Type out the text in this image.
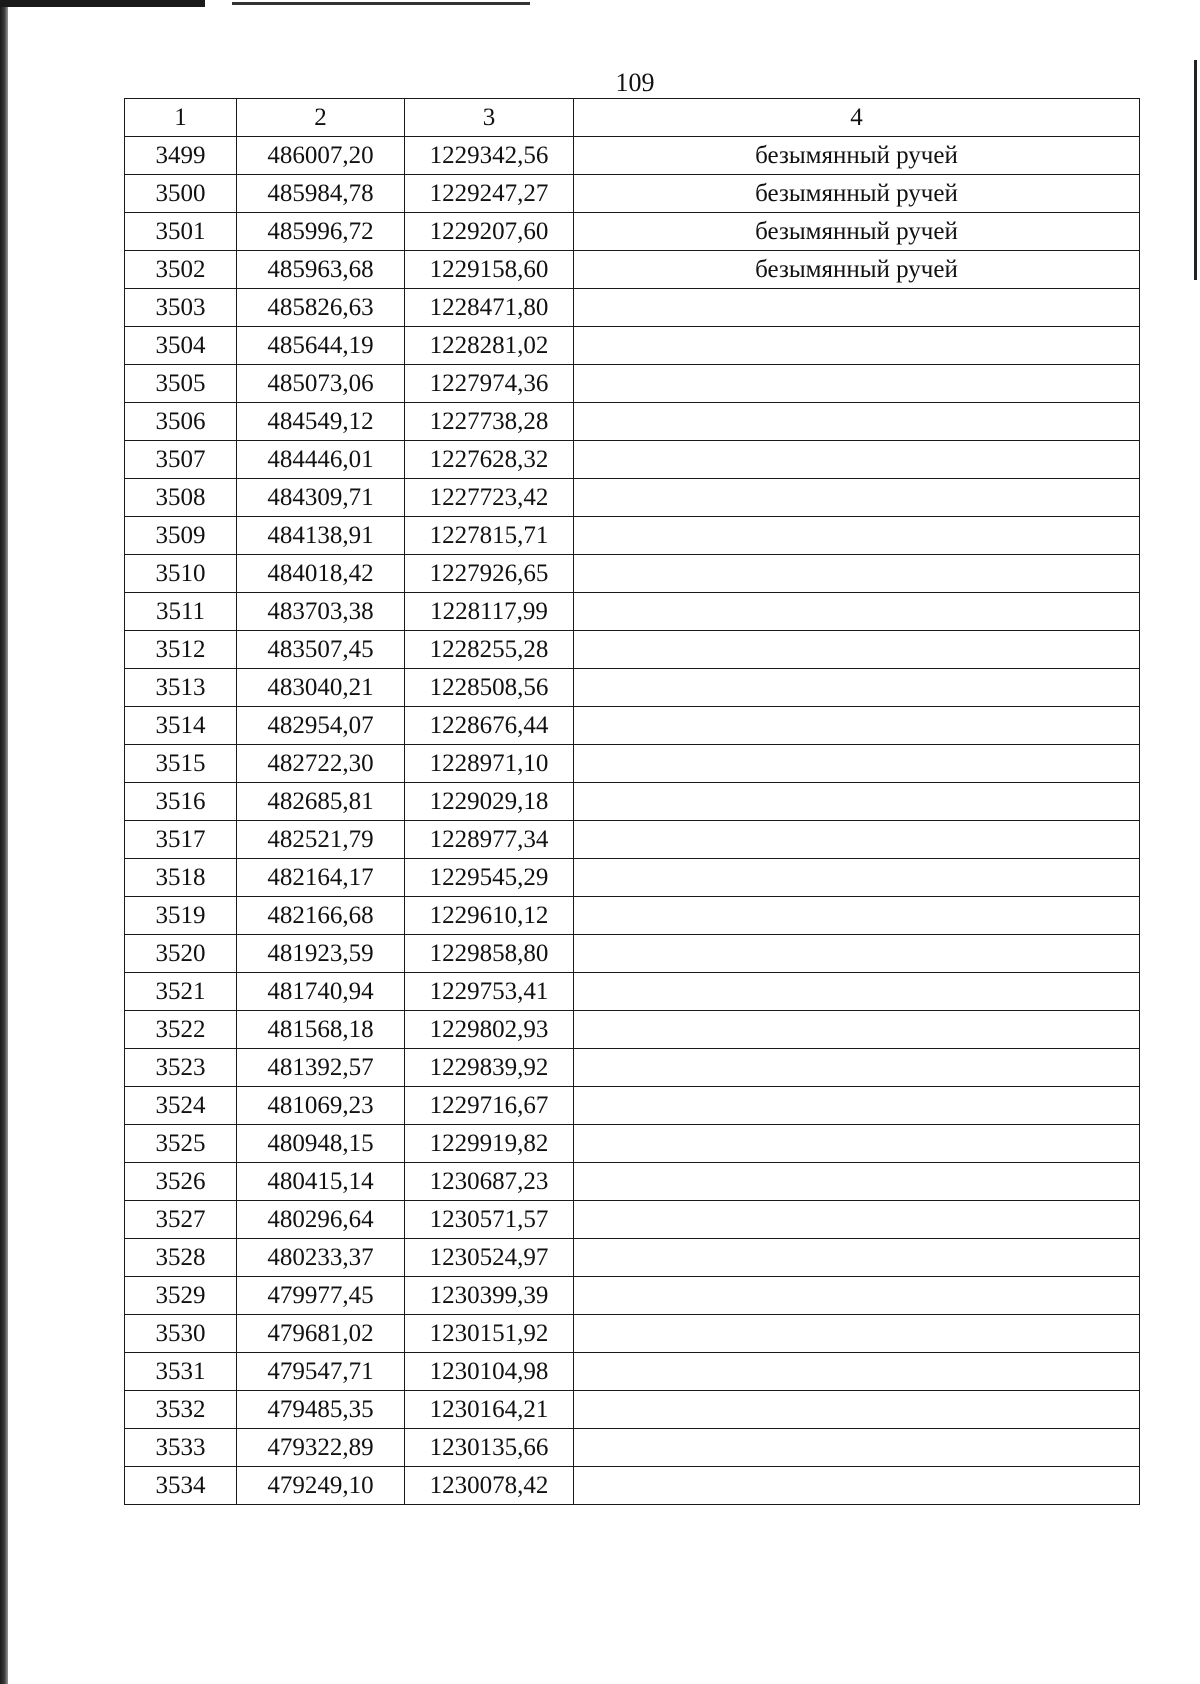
109
1	2	3	4
3499	486007,20	1229342,56	безымянный ручей
3500	485984,78	1229247,27	безымянный ручей
3501	485996,72	1229207,60	безымянный ручей
3502	485963,68	1229158,60	безымянный ручей
3503	485826,63	1228471,80	
3504	485644,19	1228281,02	
3505	485073,06	1227974,36	
3506	484549,12	1227738,28	
3507	484446,01	1227628,32	
3508	484309,71	1227723,42	
3509	484138,91	1227815,71	
3510	484018,42	1227926,65	
3511	483703,38	1228117,99	
3512	483507,45	1228255,28	
3513	483040,21	1228508,56	
3514	482954,07	1228676,44	
3515	482722,30	1228971,10	
3516	482685,81	1229029,18	
3517	482521,79	1228977,34	
3518	482164,17	1229545,29	
3519	482166,68	1229610,12	
3520	481923,59	1229858,80	
3521	481740,94	1229753,41	
3522	481568,18	1229802,93	
3523	481392,57	1229839,92	
3524	481069,23	1229716,67	
3525	480948,15	1229919,82	
3526	480415,14	1230687,23	
3527	480296,64	1230571,57	
3528	480233,37	1230524,97	
3529	479977,45	1230399,39	
3530	479681,02	1230151,92	
3531	479547,71	1230104,98	
3532	479485,35	1230164,21	
3533	479322,89	1230135,66	
3534	479249,10	1230078,42	
